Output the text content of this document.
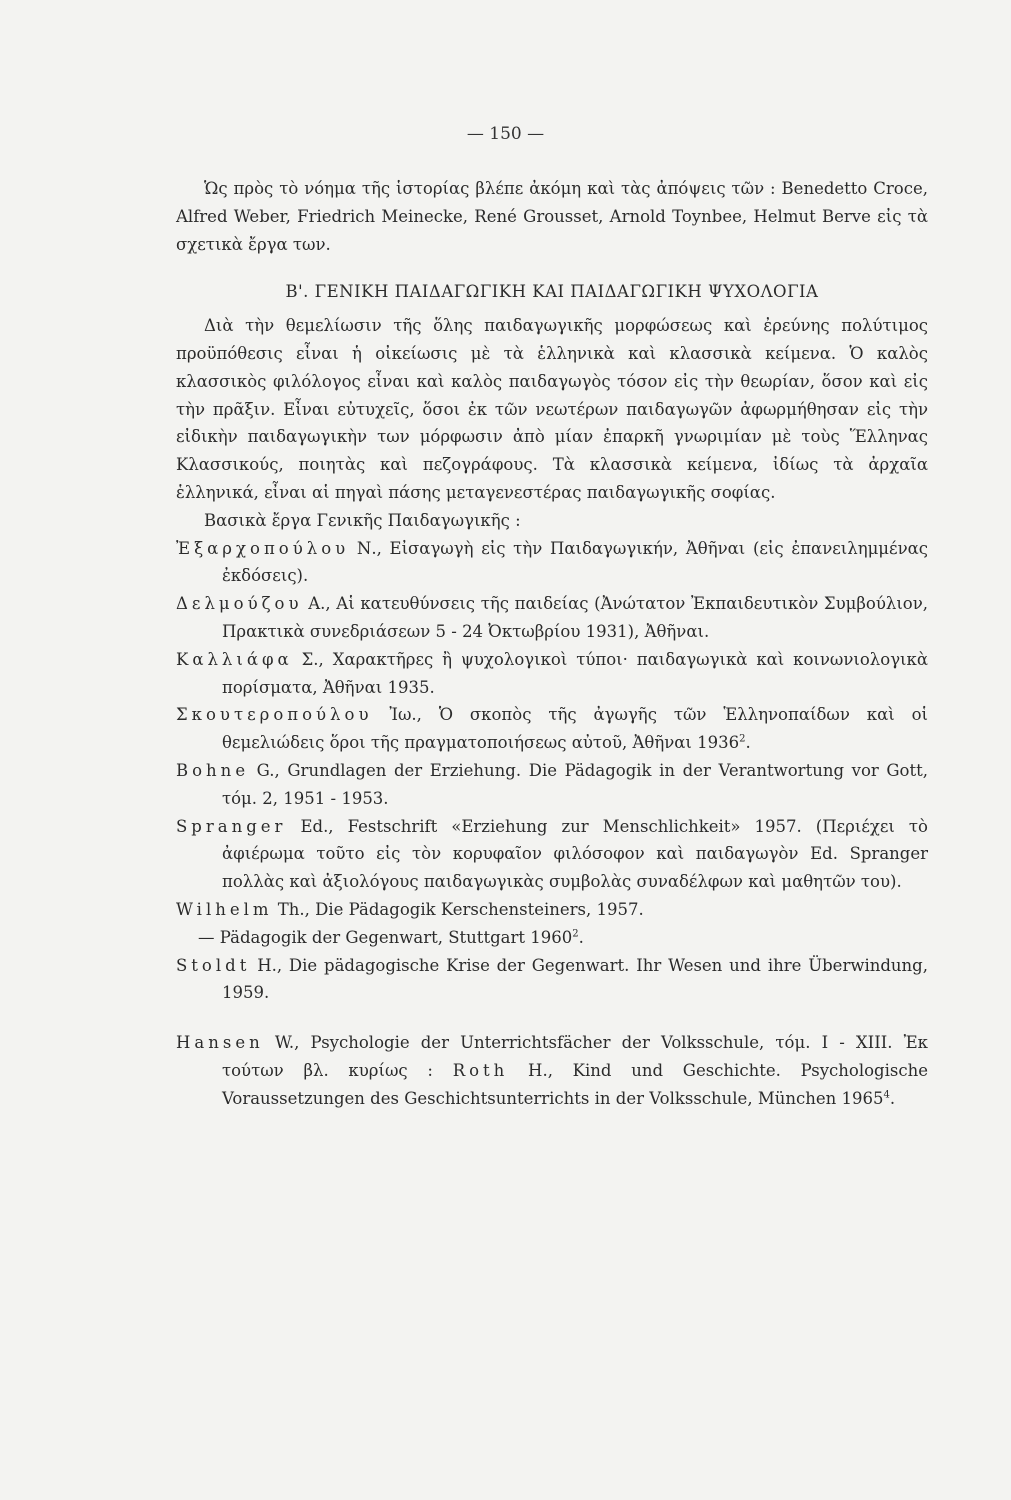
— 150 —

Ὡς πρὸς τὸ νόημα τῆς ἱστορίας βλέπε ἀκόμη καὶ τὰς ἀπόψεις τῶν : Benedetto Croce, Alfred Weber, Friedrich Meinecke, René Grousset, Arnold Toynbee, Helmut Berve εἰς τὰ σχετικὰ ἔργα των.

Β'. ΓΕΝΙΚΗ ΠΑΙΔΑΓΩΓΙΚΗ ΚΑΙ ΠΑΙΔΑΓΩΓΙΚΗ ΨΥΧΟΛΟΓΙΑ

Διὰ τὴν θεμελίωσιν τῆς ὅλης παιδαγωγικῆς μορφώσεως καὶ ἐρεύνης πολύτιμος προϋπόθεσις εἶναι ἡ οἰκείωσις μὲ τὰ ἑλληνικὰ καὶ κλασσικὰ κείμενα. Ὁ καλὸς κλασσικὸς φιλόλογος εἶναι καὶ καλὸς παιδαγωγὸς τόσον εἰς τὴν θεωρίαν, ὅσον καὶ εἰς τὴν πρᾶξιν. Εἶναι εὐτυχεῖς, ὅσοι ἐκ τῶν νεωτέρων παιδαγωγῶν ἀφωρμήθησαν εἰς τὴν εἰδικὴν παιδαγωγικὴν των μόρφωσιν ἀπὸ μίαν ἐπαρκῆ γνωριμίαν μὲ τοὺς Ἕλληνας Κλασσικούς, ποιητὰς καὶ πεζογράφους. Τὰ κλασσικὰ κείμενα, ἰδίως τὰ ἀρχαῖα ἑλληνικά, εἶναι αἱ πηγαὶ πάσης μεταγενεστέρας παιδαγωγικῆς σοφίας.

Βασικὰ ἔργα Γενικῆς Παιδαγωγικῆς :

Ἐξαρχοπούλου Ν., Εἰσαγωγὴ εἰς τὴν Παιδαγωγικήν, Ἀθῆναι (εἰς ἐπανειλημμένας ἐκδόσεις).

Δελμούζου Α., Αἱ κατευθύνσεις τῆς παιδείας (Ἀνώτατον Ἐκπαιδευτικὸν Συμβούλιον, Πρακτικὰ συνεδριάσεων 5 - 24 Ὀκτωβρίου 1931), Ἀθῆναι.

Καλλιάφα Σ., Χαρακτῆρες ἢ ψυχολογικοὶ τύποι· παιδαγωγικὰ καὶ κοινωνιολογικὰ πορίσματα, Ἀθῆναι 1935.

Σκουτεροπούλου Ἰω., Ὁ σκοπὸς τῆς ἀγωγῆς τῶν Ἑλληνοπαίδων καὶ οἱ θεμελιώδεις ὅροι τῆς πραγματοποιήσεως αὐτοῦ, Ἀθῆναι 1936$^2$.

Bohne G., Grundlagen der Erziehung. Die Pädagogik in der Verantwortung vor Gott, τόμ. 2, 1951 - 1953.

Spranger Ed., Festschrift «Erziehung zur Menschlichkeit» 1957. (Περιέχει τὸ ἀφιέρωμα τοῦτο εἰς τὸν κορυφαῖον φιλόσοφον καὶ παιδαγωγὸν Ed. Spranger πολλὰς καὶ ἀξιολόγους παιδαγωγικὰς συμβολὰς συναδέλφων καὶ μαθητῶν του).

Wilhelm Th., Die Pädagogik Kerschensteiners, 1957.

— Pädagogik der Gegenwart, Stuttgart 1960$^2$.

Stoldt H., Die pädagogische Krise der Gegenwart. Ihr Wesen und ihre Überwindung, 1959.

Hansen W., Psychologie der Unterrichtsfächer der Volksschule, τόμ. I - XIII. Ἐκ τούτων βλ. κυρίως : Roth H., Kind und Geschichte. Psychologische Voraussetzungen des Geschichtsunterrichts in der Volksschule, München 1965$^4$.
